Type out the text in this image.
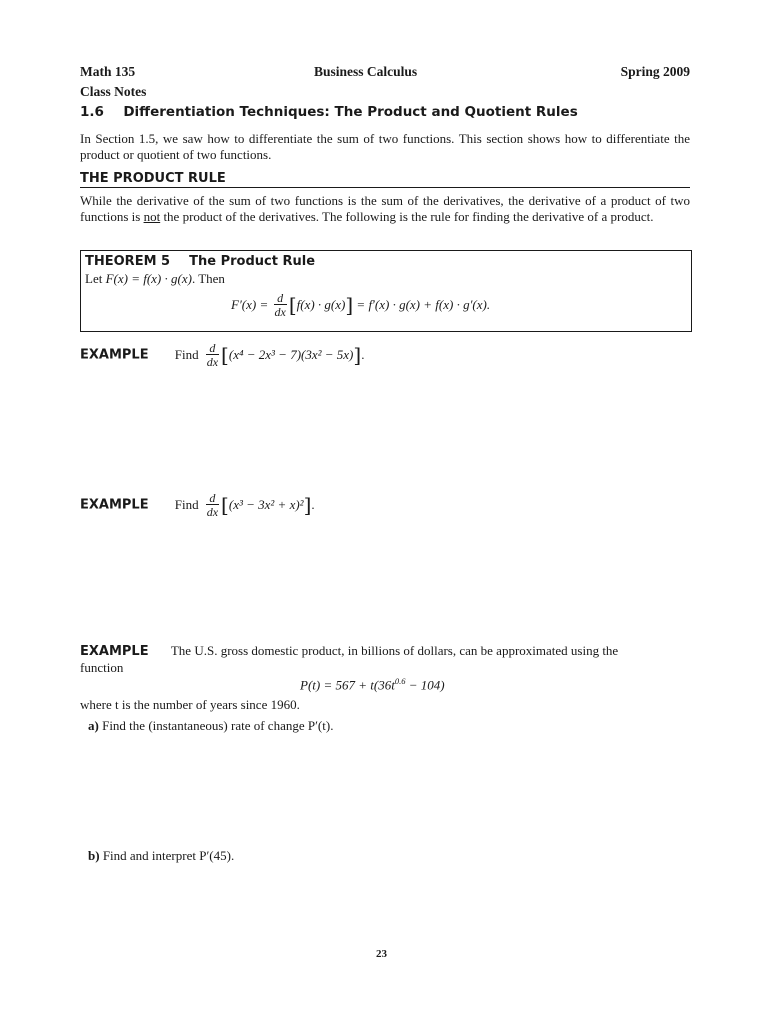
Math 135	Business Calculus	Spring 2009
Class Notes
1.6 Differentiation Techniques: The Product and Quotient Rules
In Section 1.5, we saw how to differentiate the sum of two functions. This section shows how to differentiate the product or quotient of two functions.
THE PRODUCT RULE
While the derivative of the sum of two functions is the sum of the derivatives, the derivative of a product of two functions is not the product of the derivatives. The following is the rule for finding the derivative of a product.
THEOREM 5 The Product Rule
Let F(x) = f(x) · g(x). Then
$F'(x) = \frac{d}{dx} [f(x) \cdot g(x)] = f'(x) \cdot g(x) + f(x) \cdot g'(x)$.
EXAMPLE Find $\frac{d}{dx} [(x^4 - 2x^3 - 7)(3x^2 - 5x)]$.
EXAMPLE Find $\frac{d}{dx} [(x^3 - 3x^2 + x)^2]$.
EXAMPLE The U.S. gross domestic product, in billions of dollars, can be approximated using the
function
$P(t) = 567 + t(36t^{0.6} - 104)$
where t is the number of years since 1960.
a) Find the (instantaneous) rate of change P′(t).
b) Find and interpret P′(45).
23
